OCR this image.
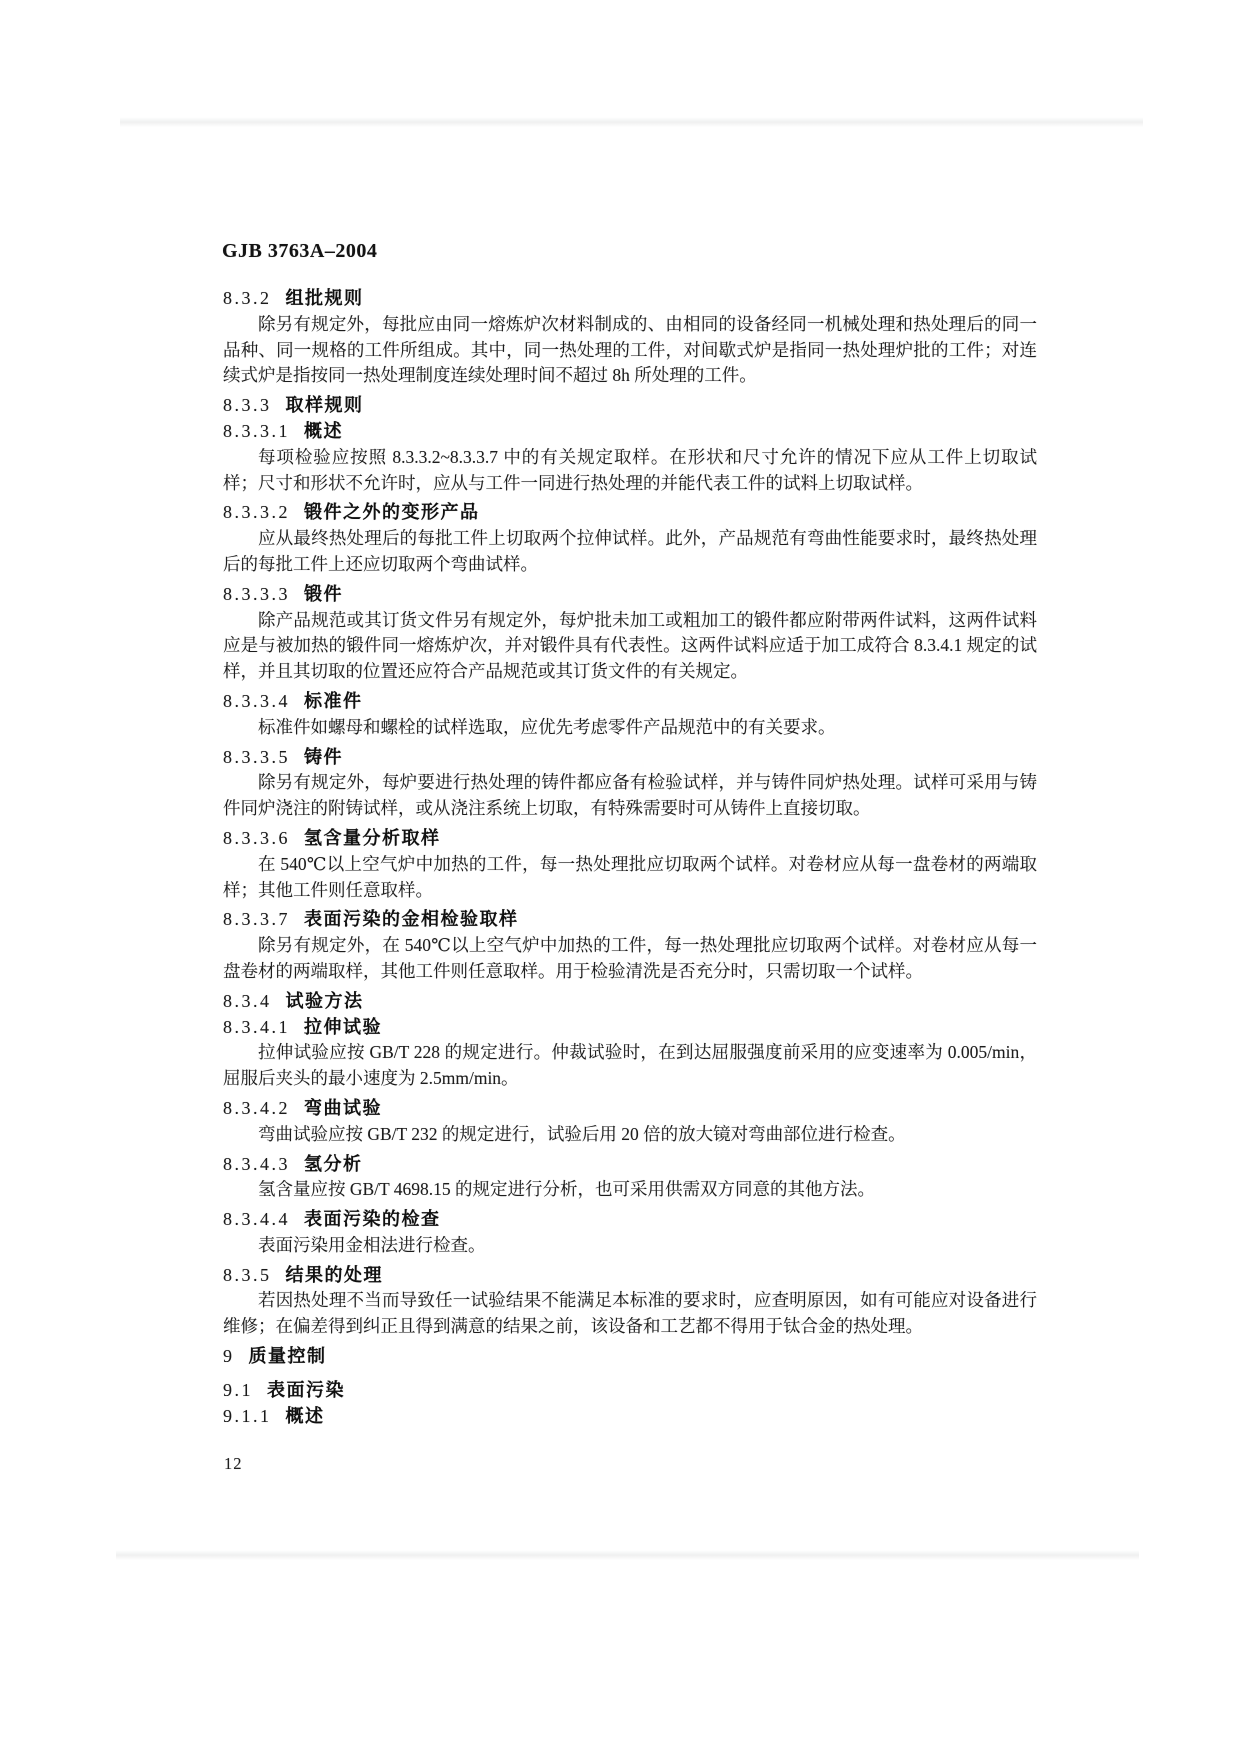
GJB 3763A–2004
8.3.2 组批规则

除另有规定外，每批应由同一熔炼炉次材料制成的、由相同的设备经同一机械处理和热处理后的同一品种、同一规格的工件所组成。其中，同一热处理的工件，对间歇式炉是指同一热处理炉批的工件；对连续式炉是指按同一热处理制度连续处理时间不超过 8h 所处理的工件。

8.3.3 取样规则
8.3.3.1 概述

每项检验应按照 8.3.3.2~8.3.3.7 中的有关规定取样。在形状和尺寸允许的情况下应从工件上切取试样；尺寸和形状不允许时，应从与工件一同进行热处理的并能代表工件的试料上切取试样。

8.3.3.2 锻件之外的变形产品

应从最终热处理后的每批工件上切取两个拉伸试样。此外，产品规范有弯曲性能要求时，最终热处理后的每批工件上还应切取两个弯曲试样。

8.3.3.3 锻件

除产品规范或其订货文件另有规定外，每炉批未加工或粗加工的锻件都应附带两件试料，这两件试料应是与被加热的锻件同一熔炼炉次，并对锻件具有代表性。这两件试料应适于加工成符合 8.3.4.1 规定的试样，并且其切取的位置还应符合产品规范或其订货文件的有关规定。

8.3.3.4 标准件

标准件如螺母和螺栓的试样选取，应优先考虑零件产品规范中的有关要求。

8.3.3.5 铸件

除另有规定外，每炉要进行热处理的铸件都应备有检验试样，并与铸件同炉热处理。试样可采用与铸件同炉浇注的附铸试样，或从浇注系统上切取，有特殊需要时可从铸件上直接切取。

8.3.3.6 氢含量分析取样

在 540℃以上空气炉中加热的工件，每一热处理批应切取两个试样。对卷材应从每一盘卷材的两端取样；其他工件则任意取样。

8.3.3.7 表面污染的金相检验取样

除另有规定外，在 540℃以上空气炉中加热的工件，每一热处理批应切取两个试样。对卷材应从每一盘卷材的两端取样，其他工件则任意取样。用于检验清洗是否充分时，只需切取一个试样。

8.3.4 试验方法
8.3.4.1 拉伸试验

拉伸试验应按 GB/T 228 的规定进行。仲裁试验时，在到达屈服强度前采用的应变速率为 0.005/min，屈服后夹头的最小速度为 2.5mm/min。

8.3.4.2 弯曲试验

弯曲试验应按 GB/T 232 的规定进行，试验后用 20 倍的放大镜对弯曲部位进行检查。

8.3.4.3 氢分析

氢含量应按 GB/T 4698.15 的规定进行分析，也可采用供需双方同意的其他方法。

8.3.4.4 表面污染的检查

表面污染用金相法进行检查。

8.3.5 结果的处理

若因热处理不当而导致任一试验结果不能满足本标准的要求时，应查明原因，如有可能应对设备进行维修；在偏差得到纠正且得到满意的结果之前，该设备和工艺都不得用于钛合金的热处理。

9 质量控制
9.1 表面污染
9.1.1 概述
12
